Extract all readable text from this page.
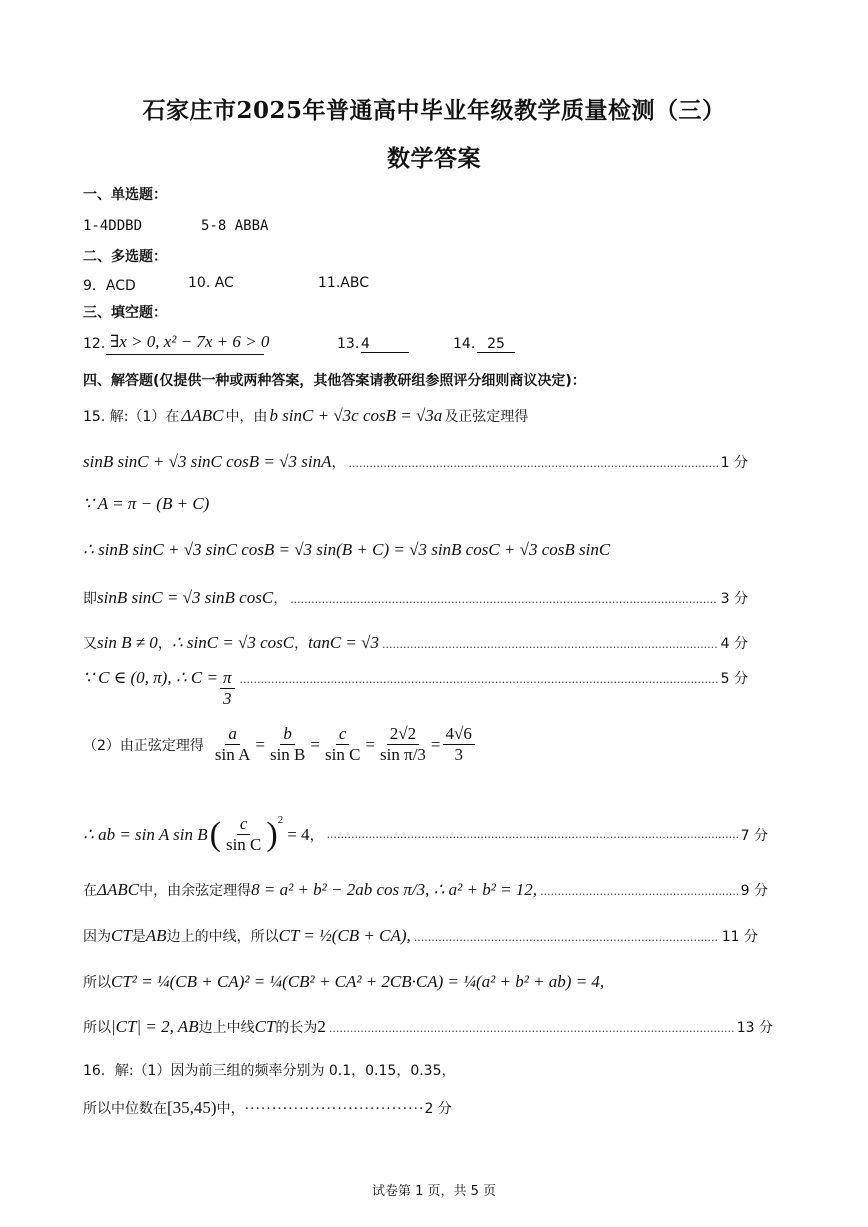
石家庄市2025年普通高中毕业年级教学质量检测（三）
数学答案
一、单选题：
1-4DDBD	5-8 ABBA
二、多选题：
9．ACD	10. AC	11.ABC
三、填空题：
12. ∃x > 0, x² − 7x + 6 > 0	13. 4	14. 25
四、解答题(仅提供一种或两种答案，其他答案请教研组参照评分细则商议决定)：
15. 解:（1）在 ΔABC 中，由 b sinC + √3c cosB = √3a 及正弦定理得
sinB sinC + √3 sinC cosB = √3 sinA ， .....	1 分
∵ A = π − (B + C)
∴ sinB sinC + √3 sinC cosB = √3 sin(B + C) = √3 sinB cosC + √3 cosB sinC
即 sinB sinC = √3 sinB cosC ， .....	3 分
又 sin B ≠ 0 ， ∴ sinC = √3 cosC ， tanC = √3 .....	4 分
∵ C ∈ (0, π), ∴ $C = \frac{\pi}{3}$ .....	5 分
（2）由正弦定理得 $\frac{a}{\text{sin A}} = \frac{b}{\text{sin B}} = \frac{c}{\text{sin C}} = \frac{2√2}{\text{sin π/3}} = \frac{4√6}{3}$
∴ ab = sin A sin B ( $\frac{c}{\text{sin C}}$ ) 2
= 4 ， .....	7 分
在 ΔABC 中，由余弦定理得 8 = a² + b² − 2ab cos π/3, ∴ a² + b² = 12, .....	9 分
因为 CT 是 AB 边上的中线，所以 CT = ½(CB + CA), .....	11 分
所以 CT² = ¼(CB + CA)² = ¼(CB² + CA² + 2CB·CA) = ¼(a² + b² + ab) = 4,
所以 |CT| = 2, AB 边上中线 CT 的长为 2 .....	13 分
16．解:（1）因为前三组的频率分别为 0.1，0.15，0.35，
所以中位数在 [35,45) 中， ································· 2 分
试卷第 1 页，共 5 页
